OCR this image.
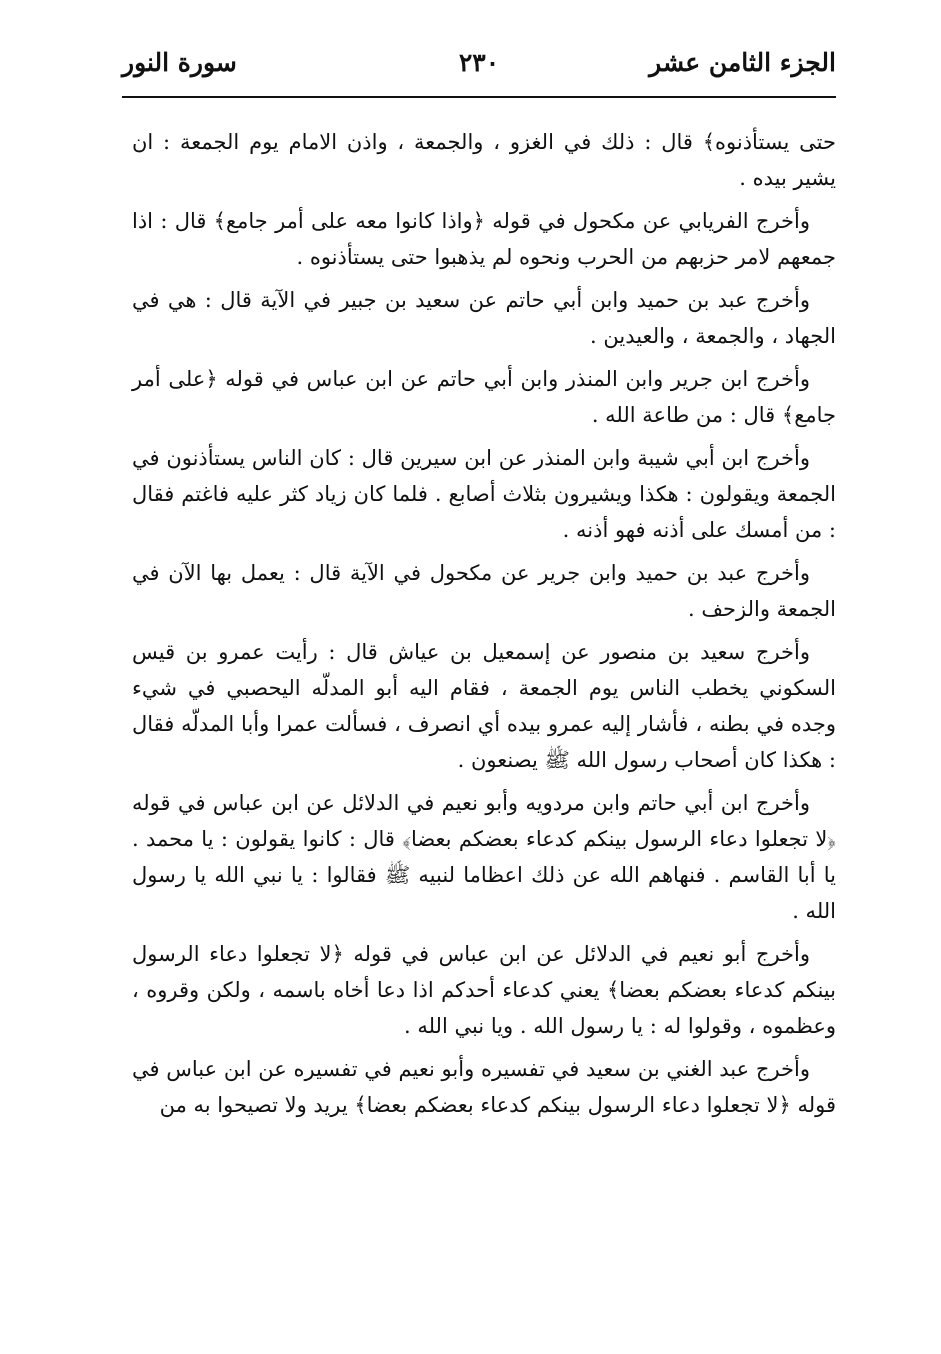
الجزء الثامن عشر
٢٣٠
سورة النور

حتى يستأذنوه﴾ قال : ذلك في الغزو ، والجمعة ، واذن الامام يوم الجمعة : ان يشير بيده .

وأخرج الفريابي عن مكحول في قوله ﴿واذا كانوا معه على أمر جامع﴾ قال : اذا جمعهم لامر حزبهم من الحرب ونحوه لم يذهبوا حتى يستأذنوه .

وأخرج عبد بن حميد وابن أبي حاتم عن سعيد بن جبير في الآية قال : هي في الجهاد ، والجمعة ، والعيدين .

وأخرج ابن جرير وابن المنذر وابن أبي حاتم عن ابن عباس في قوله ﴿على أمر جامع﴾ قال : من طاعة الله .

وأخرج ابن أبي شيبة وابن المنذر عن ابن سيرين قال : كان الناس يستأذنون في الجمعة ويقولون : هكذا ويشيرون بثلاث أصابع . فلما كان زياد كثر عليه فاغتم فقال : من أمسك على أذنه فهو أذنه .

وأخرج عبد بن حميد وابن جرير عن مكحول في الآية قال : يعمل بها الآن في الجمعة والزحف .

وأخرج سعيد بن منصور عن إسمعيل بن عياش قال : رأيت عمرو بن قيس السكوني يخطب الناس يوم الجمعة ، فقام اليه أبو المدلّه اليحصبي في شيء وجده في بطنه ، فأشار إليه عمرو بيده أي انصرف ، فسألت عمرا وأبا المدلّه فقال : هكذا كان أصحاب رسول الله ﷺ يصنعون .

وأخرج ابن أبي حاتم وابن مردويه وأبو نعيم في الدلائل عن ابن عباس في قوله ﴿لا تجعلوا دعاء الرسول بينكم كدعاء بعضكم بعضا﴾ قال : كانوا يقولون : يا محمد . يا أبا القاسم . فنهاهم الله عن ذلك اعظاما لنبيه ﷺ فقالوا : يا نبي الله يا رسول الله .

وأخرج أبو نعيم في الدلائل عن ابن عباس في قوله ﴿لا تجعلوا دعاء الرسول بينكم كدعاء بعضكم بعضا﴾ يعني كدعاء أحدكم اذا دعا أخاه باسمه ، ولكن وقروه ، وعظموه ، وقولوا له : يا رسول الله . ويا نبي الله .

وأخرج عبد الغني بن سعيد في تفسيره وأبو نعيم في تفسيره عن ابن عباس في قوله ﴿لا تجعلوا دعاء الرسول بينكم كدعاء بعضكم بعضا﴾ يريد ولا تصيحوا به من
